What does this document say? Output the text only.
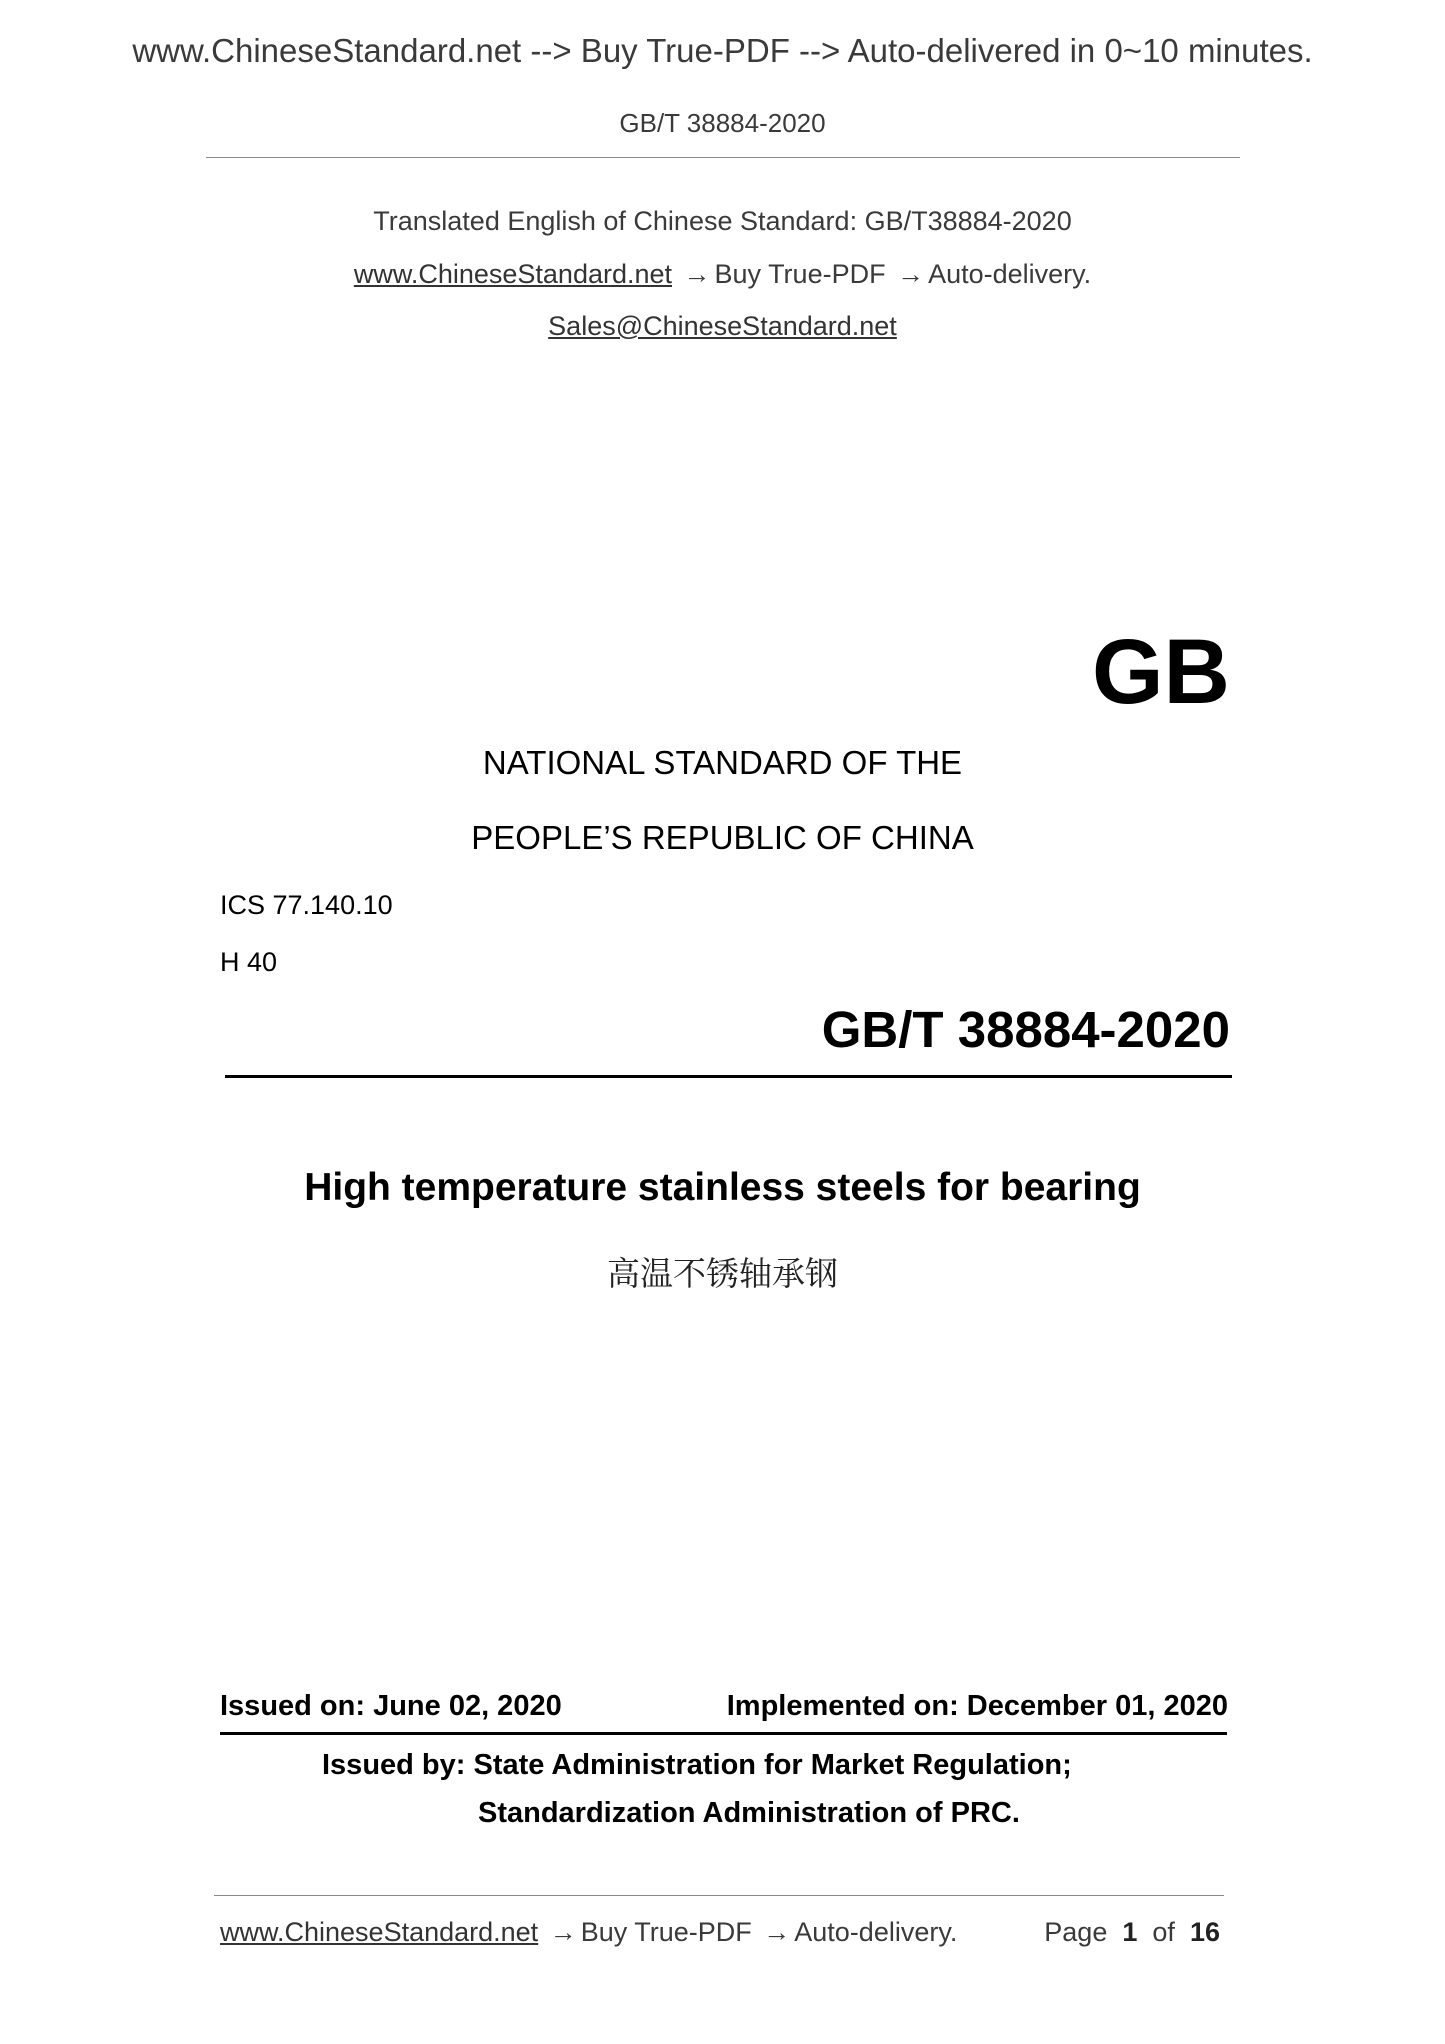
www.ChineseStandard.net --> Buy True-PDF --> Auto-delivered in 0~10 minutes.
GB/T 38884-2020
Translated English of Chinese Standard: GB/T38884-2020
www.ChineseStandard.net → Buy True-PDF → Auto-delivery.
Sales@ChineseStandard.net
GB
NATIONAL STANDARD OF THE
PEOPLE’S REPUBLIC OF CHINA
ICS 77.140.10
H 40
GB/T 38884-2020
High temperature stainless steels for bearing
高温不锈轴承钢
Issued on: June 02, 2020	Implemented on: December 01, 2020
Issued by: State Administration for Market Regulation;
Standardization Administration of PRC.
www.ChineseStandard.net → Buy True-PDF → Auto-delivery.	Page 1 of 16
